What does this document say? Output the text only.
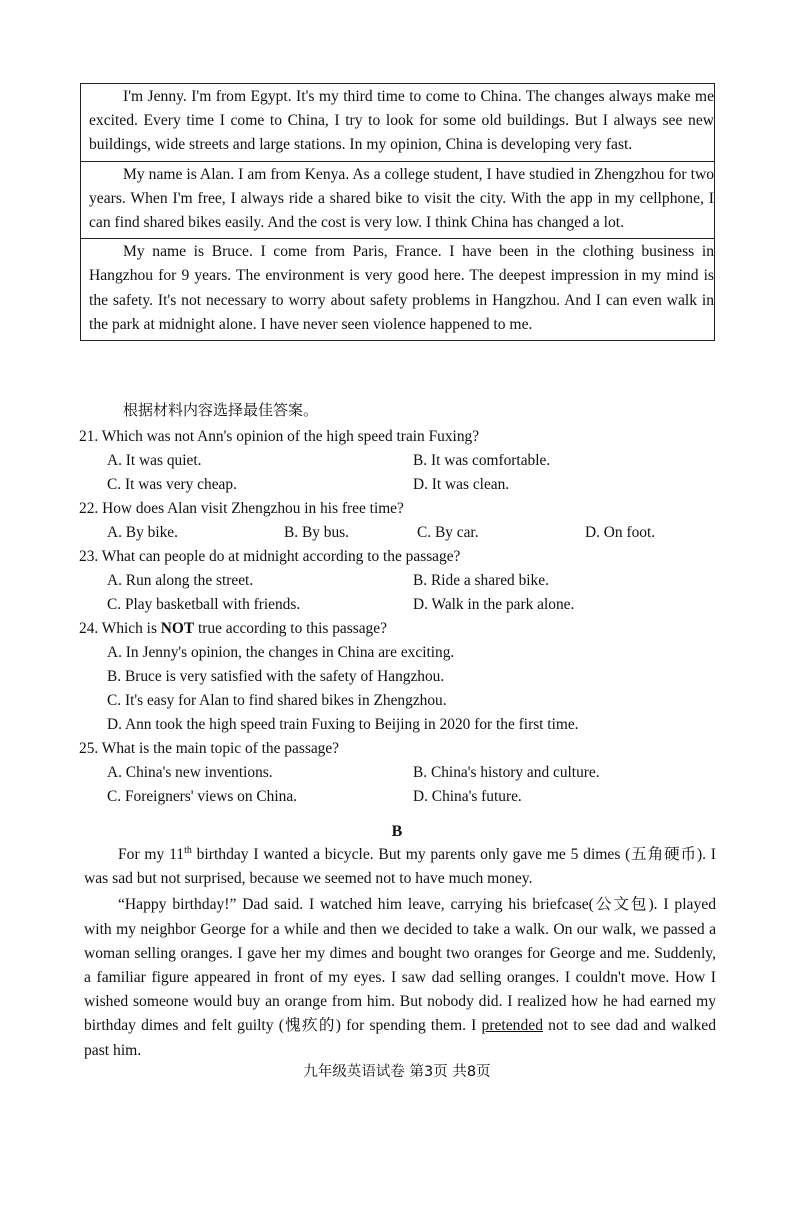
I'm Jenny. I'm from Egypt. It's my third time to come to China. The changes always make me excited. Every time I come to China, I try to look for some old buildings. But I always see new buildings, wide streets and large stations. In my opinion, China is developing very fast.
My name is Alan. I am from Kenya. As a college student, I have studied in Zhengzhou for two years. When I'm free, I always ride a shared bike to visit the city. With the app in my cellphone, I can find shared bikes easily. And the cost is very low. I think China has changed a lot.
My name is Bruce. I come from Paris, France. I have been in the clothing business in Hangzhou for 9 years. The environment is very good here. The deepest impression in my mind is the safety. It's not necessary to worry about safety problems in Hangzhou. And I can even walk in the park at midnight alone. I have never seen violence happened to me.
根据材料内容选择最佳答案。
21. Which was not Ann's opinion of the high speed train Fuxing?
A. It was quiet.	B. It was comfortable.
C. It was very cheap.	D. It was clean.
22. How does Alan visit Zhengzhou in his free time?
A. By bike.	B. By bus.	C. By car.	D. On foot.
23. What can people do at midnight according to the passage?
A. Run along the street.	B. Ride a shared bike.
C. Play basketball with friends.	D. Walk in the park alone.
24. Which is NOT true according to this passage?
A. In Jenny's opinion, the changes in China are exciting.
B. Bruce is very satisfied with the safety of Hangzhou.
C. It's easy for Alan to find shared bikes in Zhengzhou.
D. Ann took the high speed train Fuxing to Beijing in 2020 for the first time.
25. What is the main topic of the passage?
A. China's new inventions.	B. China's history and culture.
C. Foreigners' views on China.	D. China's future.
B

For my 11th birthday I wanted a bicycle. But my parents only gave me 5 dimes (五角硬币). I was sad but not surprised, because we seemed not to have much money.

“Happy birthday!” Dad said. I watched him leave, carrying his briefcase(公文包). I played with my neighbor George for a while and then we decided to take a walk. On our walk, we passed a woman selling oranges. I gave her my dimes and bought two oranges for George and me. Suddenly, a familiar figure appeared in front of my eyes. I saw dad selling oranges. I couldn't move. How I wished someone would buy an orange from him. But nobody did. I realized how he had earned my birthday dimes and felt guilty (愧疚的) for spending them. I pretended not to see dad and walked past him.

九年级英语试卷 第3页 共8页
